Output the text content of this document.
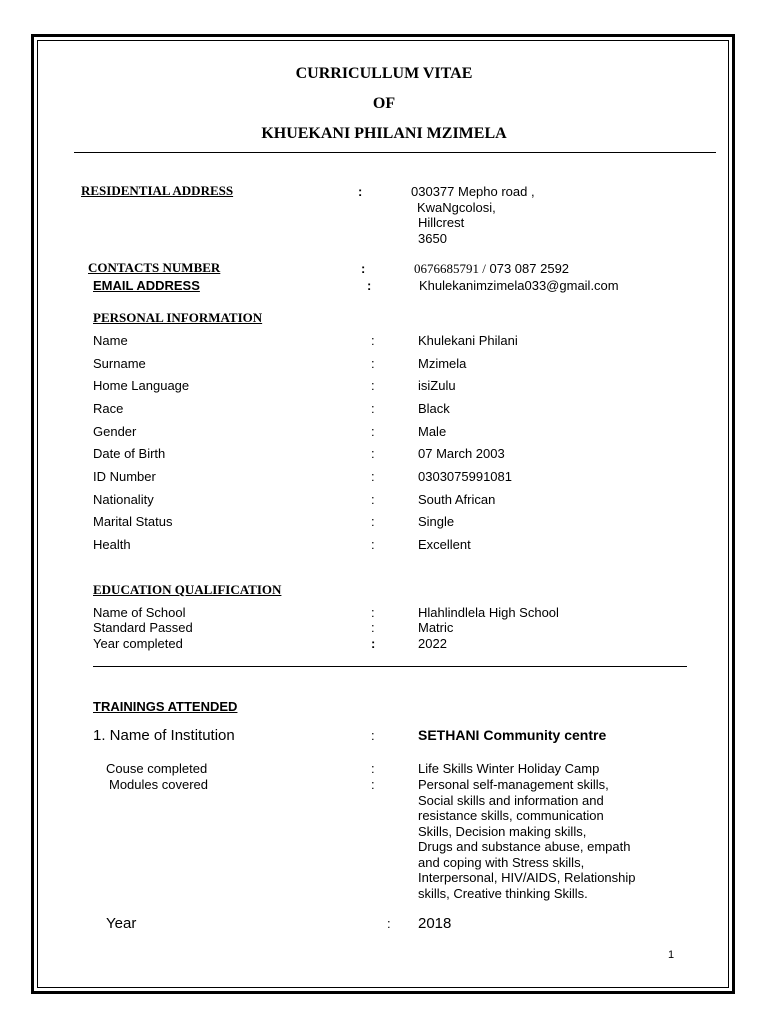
CURRICULLUM VITAE
OF
KHUEKANI PHILANI MZIMELA
RESIDENTIAL ADDRESS	:	030377 Mepho road ,
KwaNgcolosi,
Hillcrest
3650
CONTACTS NUMBER	:	0676685791 / 073 087 2592
EMAIL ADDRESS	:	Khulekanimzimela033@gmail.com
PERSONAL INFORMATION
Name	:	Khulekani Philani
Surname	:	Mzimela
Home Language	:	isiZulu
Race	:	Black
Gender	:	Male
Date of Birth	:	07 March 2003
ID Number	:	0303075991081
Nationality	:	South African
Marital Status	:	Single
Health	:	Excellent
EDUCATION QUALIFICATION
Name of School	:	Hlahlindlela High School
Standard Passed	:	Matric
Year completed	:	2022
TRAININGS ATTENDED
1. Name of Institution	:	SETHANI Community centre
Couse completed	:	Life Skills Winter Holiday Camp
Modules covered	:	Personal self-management skills,
Social skills and information and
resistance skills, communication
Skills, Decision making skills,
Drugs and substance abuse, empath
and coping with Stress skills,
Interpersonal, HIV/AIDS, Relationship
skills, Creative thinking Skills.
Year	: 2018
1
